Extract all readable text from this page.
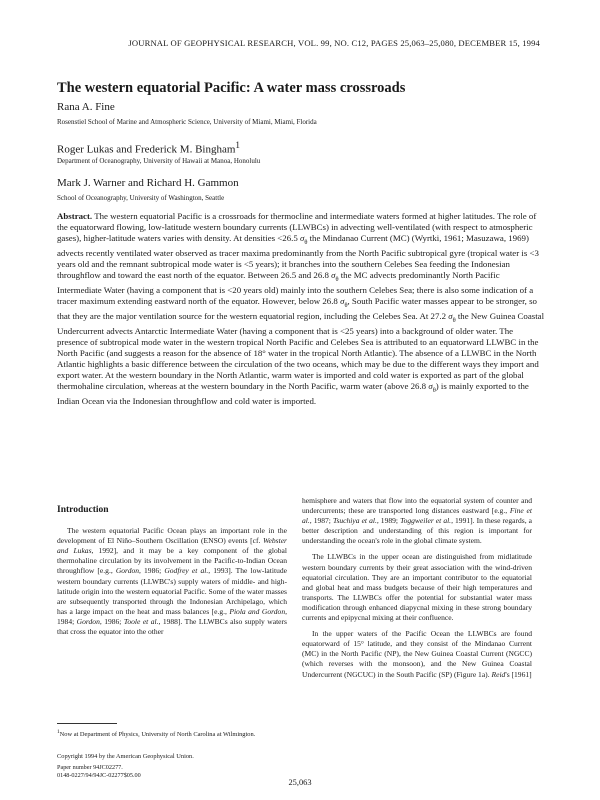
JOURNAL OF GEOPHYSICAL RESEARCH, VOL. 99, NO. C12, PAGES 25,063–25,080, DECEMBER 15, 1994
The western equatorial Pacific: A water mass crossroads
Rana A. Fine
Rosenstiel School of Marine and Atmospheric Science, University of Miami, Miami, Florida
Roger Lukas and Frederick M. Bingham$^1$
Department of Oceanography, University of Hawaii at Manoa, Honolulu
Mark J. Warner and Richard H. Gammon
School of Oceanography, University of Washington, Seattle

Abstract. The western equatorial Pacific is a crossroads for thermocline and intermediate waters formed at higher latitudes. The role of the equatorward flowing, low-latitude western boundary currents (LLWBCs) in advecting well-ventilated (with respect to atmospheric gases), higher-latitude waters varies with density. At densities <26.5 $\sigma_\theta$ the Mindanao Current (MC) (Wyrtki, 1961; Masuzawa, 1969) advects recently ventilated water observed as tracer maxima predominantly from the North Pacific subtropical gyre (tropical water is <3 years old and the remnant subtropical mode water is <5 years); it branches into the southern Celebes Sea feeding the Indonesian throughflow and toward the east north of the equator. Between 26.5 and 26.8 $\sigma_\theta$ the MC advects predominantly North Pacific Intermediate Water (having a component that is <20 years old) mainly into the southern Celebes Sea; there is also some indication of a tracer maximum extending eastward north of the equator. However, below 26.8 $\sigma_\theta$, South Pacific water masses appear to be stronger, so that they are the major ventilation source for the western equatorial region, including the Celebes Sea. At 27.2 $\sigma_\theta$ the New Guinea Coastal Undercurrent advects Antarctic Intermediate Water (having a component that is <25 years) into a background of older water. The presence of subtropical mode water in the western tropical North Pacific and Celebes Sea is attributed to an equatorward LLWBC in the North Pacific (and suggests a reason for the absence of 18° water in the tropical North Atlantic). The absence of a LLWBC in the North Atlantic highlights a basic difference between the circulation of the two oceans, which may be due to the different ways they import and export water. At the western boundary in the North Atlantic, warm water is imported and cold water is exported as part of the global thermohaline circulation, whereas at the western boundary in the North Pacific, warm water (above 26.8 $\sigma_\theta$) is mainly exported to the Indian Ocean via the Indonesian throughflow and cold water is imported.

Introduction

The western equatorial Pacific Ocean plays an important role in the development of El Niño–Southern Oscillation (ENSO) events [cf. Webster and Lukas, 1992], and it may be a key component of the global thermohaline circulation by its involvement in the Pacific-to-Indian Ocean throughflow [e.g., Gordon, 1986; Godfrey et al., 1993]. The low-latitude western boundary currents (LLWBC's) supply waters of middle- and high-latitude origin into the western equatorial Pacific. Some of the water masses are subsequently transported through the Indonesian Archipelago, which has a large impact on the heat and mass balances [e.g., Piola and Gordon, 1984; Gordon, 1986; Toole et al., 1988]. The LLWBCs also supply waters that cross the equator into the other

hemisphere and waters that flow into the equatorial system of counter and undercurrents; these are transported long distances eastward [e.g., Fine et al., 1987; Tsuchiya et al., 1989; Toggweiler et al., 1991]. In these regards, a better description and understanding of this region is important for understanding the ocean's role in the global climate system.

The LLWBCs in the upper ocean are distinguished from midlatitude western boundary currents by their great association with the wind-driven equatorial circulation. They are an important contributor to the equatorial and global heat and mass budgets because of their high temperatures and transports. The LLWBCs offer the potential for substantial water mass modification through enhanced diapycnal mixing in these strong boundary currents and epipycnal mixing at their confluence.

In the upper waters of the Pacific Ocean the LLWBCs are found equatorward of 15° latitude, and they consist of the Mindanao Current (MC) in the North Pacific (NP), the New Guinea Coastal Current (NGCC) (which reverses with the monsoon), and the New Guinea Coastal Undercurrent (NGCUC) in the South Pacific (SP) (Figure 1a). Reid's [1961]

$^1$Now at Department of Physics, University of North Carolina at Wilmington.
Copyright 1994 by the American Geophysical Union.
Paper number 94JC02277.
0148-0227/94/94JC-02277$05.00
25,063
